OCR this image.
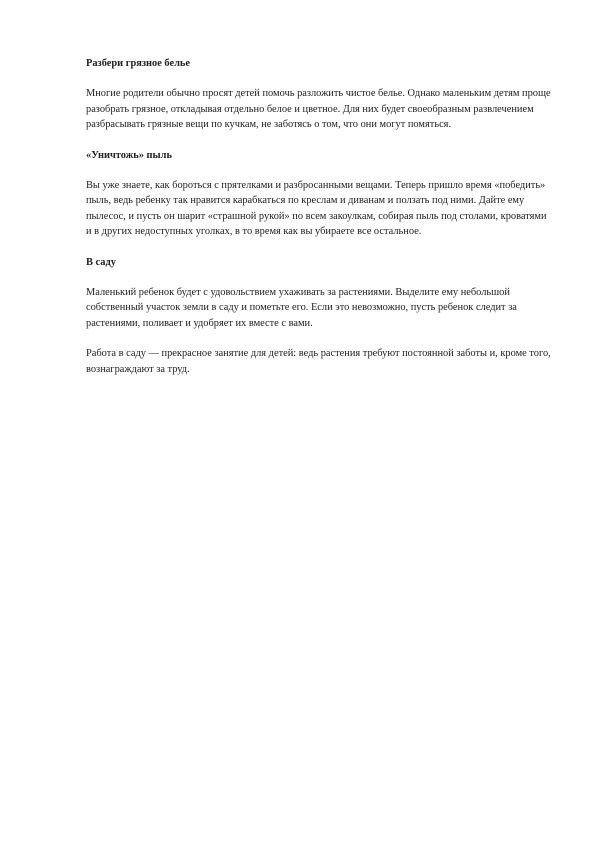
Разбери грязное белье
Многие родители обычно просят детей помочь разложить чистое белье. Однако маленьким детям проще разобрать грязное, откладывая отдельно белое и цветное. Для них будет своеобразным развлечением разбрасывать грязные вещи по кучкам, не заботясь о том, что они могут помяться.
«Уничтожь» пыль
Вы уже знаете, как бороться с прятелками и разбросанными вещами. Теперь пришло время «победить» пыль, ведь ребенку так нравится карабкаться по креслам и диванам и ползать под ними. Дайте ему пылесос, и пусть он шарит «страшной рукой» по всем закоулкам, собирая пыль под столами, кроватями и в других недоступных уголках, в то время как вы убираете все остальное.
В саду
Маленький ребенок будет с удовольствием ухаживать за растениями. Выделите ему небольшой собственный участок земли в саду и пометьте его. Если это невозможно, пусть ребенок следит за растениями, поливает и удобряет их вместе с вами.
Работа в саду — прекрасное занятие для детей: ведь растения требуют постоянной заботы и, кроме того, вознаграждают за труд.
